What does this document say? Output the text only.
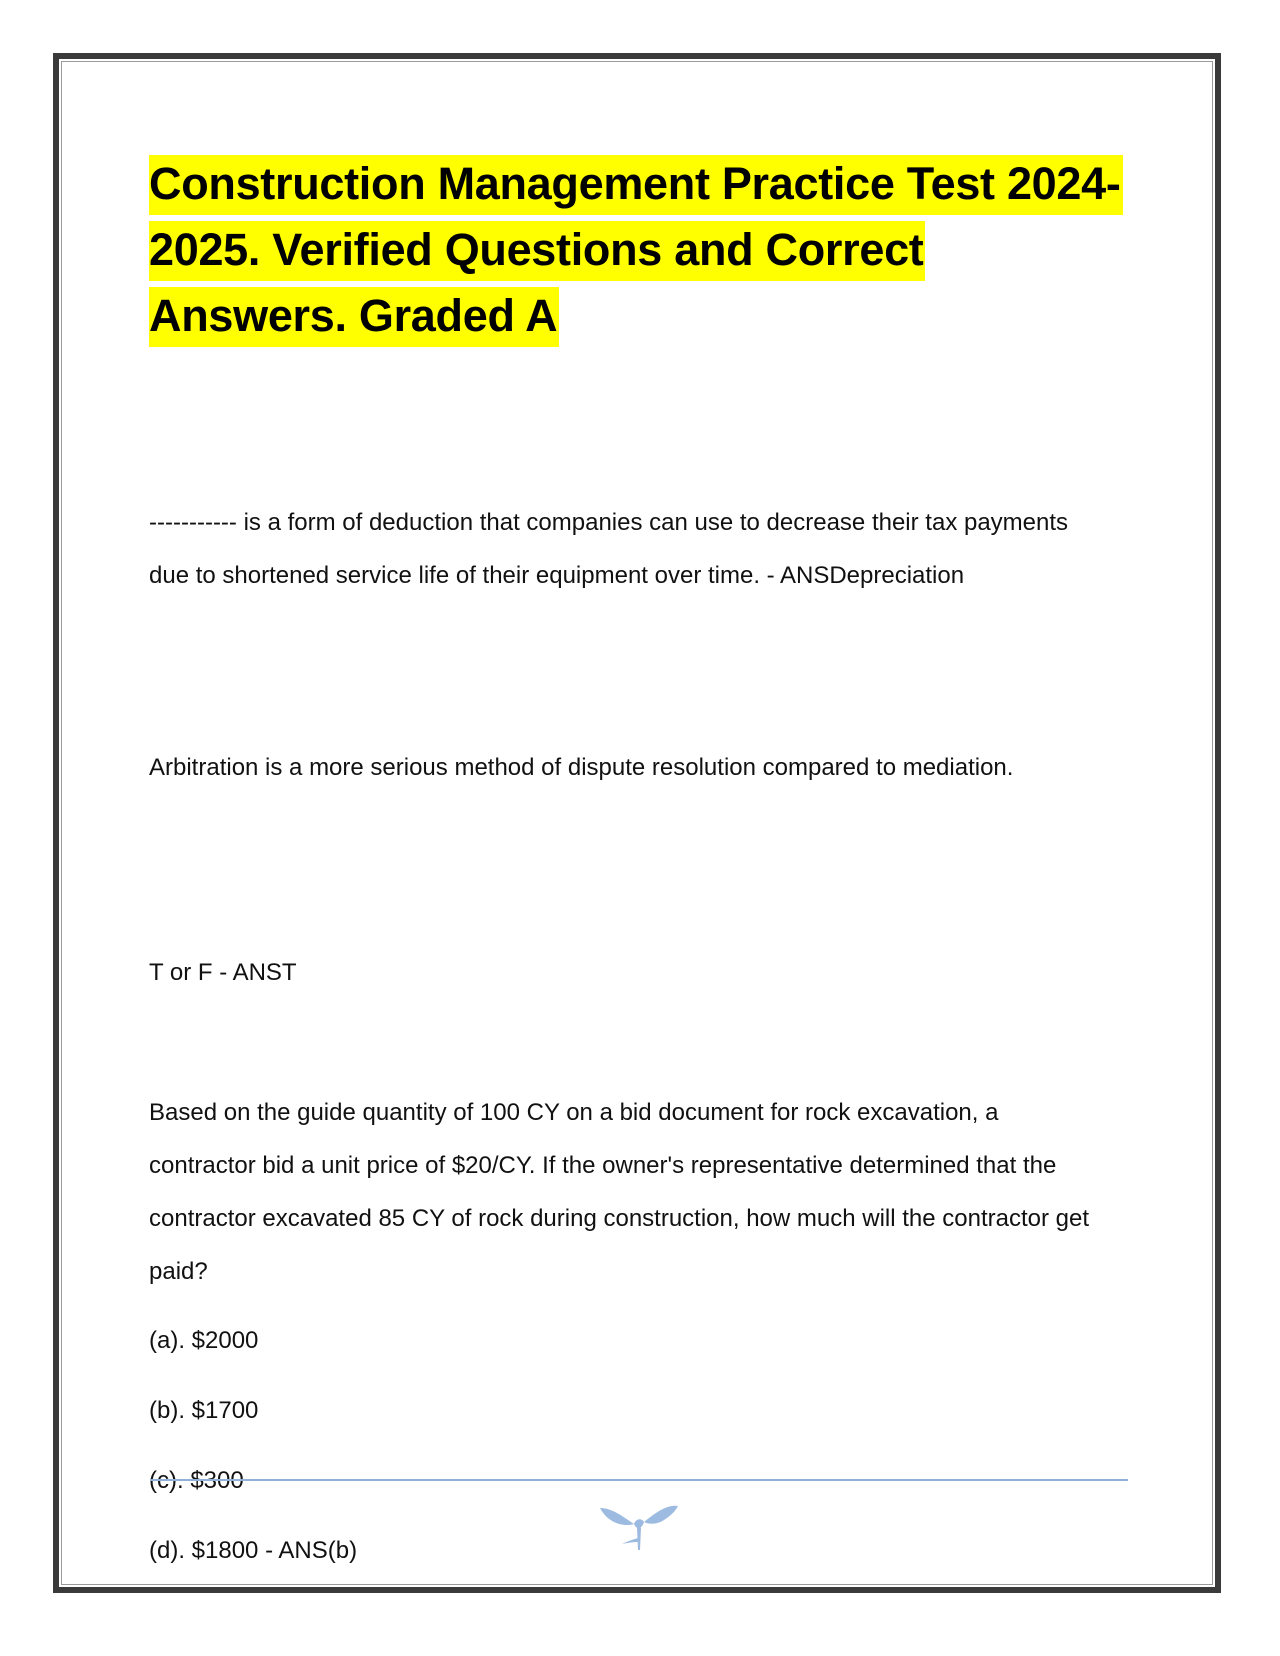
Construction Management Practice Test 2024-2025. Verified Questions and Correct Answers. Graded A

----------- is a form of deduction that companies can use to decrease their tax payments due to shortened service life of their equipment over time. - ANSDepreciation

Arbitration is a more serious method of dispute resolution compared to mediation.

T or F - ANST

Based on the guide quantity of 100 CY on a bid document for rock excavation, a contractor bid a unit price of $20/CY. If the owner's representative determined that the contractor excavated 85 CY of rock during construction, how much will the contractor get paid?

(a). $2000

(b). $1700

(c). $300

(d). $1800 - ANS(b)
